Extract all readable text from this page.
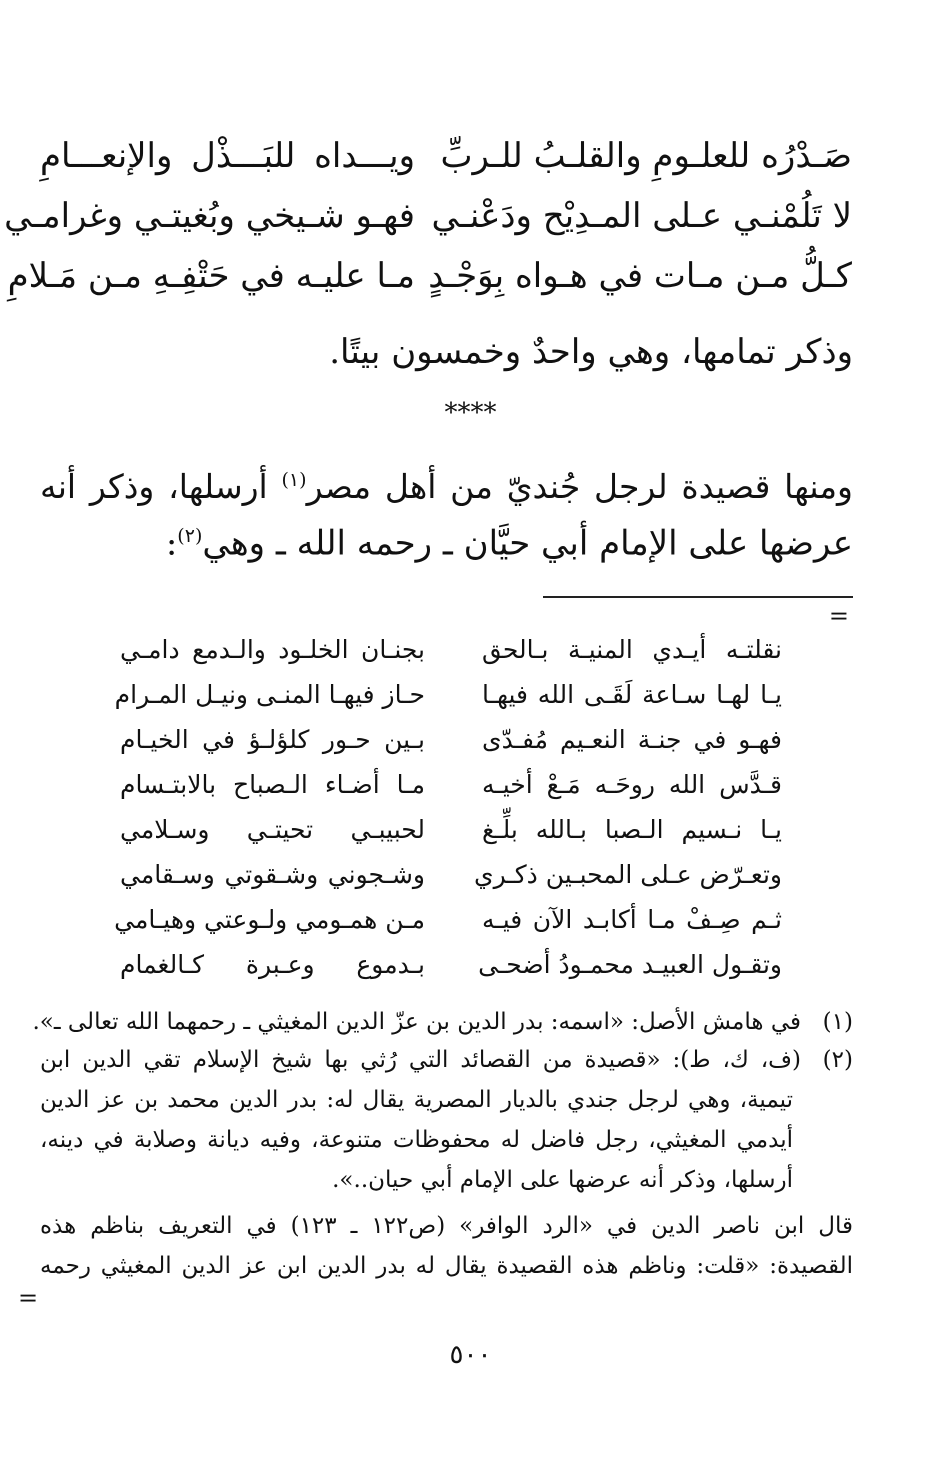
صَـدْرُه للعلـومِ والقلـبُ للـربِّ
ويـــداه للبَـــذْل والإنعـــامِ
لا تَلُمْنـي عـلى المـدِيْح ودَعْنـي
فهـو شـيخي وبُغيتـي وغرامـي
كـلُّ مـن مـات في هـواه بِوَجْـدٍ
مـا عليـه في حَتْفِـهِ مـن مَـلامِ
وذكر تمامها، وهي واحدٌ وخمسون بيتًا.
****
ومنها قصيدة لرجل جُنديّ من أهل مصر$^{(١)}$ أرسلها، وذكر أنه
عرضها على الإمام أبي حيَّان ـ رحمه الله ـ وهي$^{(٢)}$:
=
نقلتـه أيـدي المنيـة بـالحق
بجنـان الخلـود والـدمع دامـي
يـا لهـا سـاعة لَقَـى الله فيهـا
حـاز فيهـا المنـى ونيـل المـرام
فهـو في جنـة النعـيم مُفـدّى
بـين حـور كلؤلـؤ في الخيـام
قـدَّس الله روحَـه مَـعْ أخيـه
مـا أضـاء الـصباح بالابتـسام
يـا نـسيم الـصبا بـالله بلِّـغ
لحبيبـي تحيتـي وسـلامي
وتعـرّض عـلى المحبـين ذكـري
وشـجوني وشـقوتي وسـقامي
ثـم صِـفْ مـا أكابـد الآن فيـه
مـن همـومي ولـوعتي وهيـامي
وتقـول العبيـد محمـودُ أضحـى
بـدموع وعـبرة كـالغمام
(١)
في هامش الأصل: «اسمه: بدر الدين بن عزّ الدين المغيثي ـ رحمهما الله تعالى ـ».
(٢)
(ف، ك، ط): «قصيدة من القصائد التي رُثي بها شيخ الإسلام تقي الدين ابن
تيمية، وهي لرجل جندي بالديار المصرية يقال له: بدر الدين محمد بن عز الدين
أيدمي المغيثي، رجل فاضل له محفوظات متنوعة، وفيه ديانة وصلابة في دينه،
أرسلها، وذكر أنه عرضها على الإمام أبي حيان..».
قال ابن ناصر الدين في «الرد الوافر» (ص١٢٢ ـ ١٢٣) في التعريف بناظم هذه
القصيدة: «قلت: وناظم هذه القصيدة يقال له بدر الدين ابن عز الدين المغيثي رحمه
=
٥٠٠
